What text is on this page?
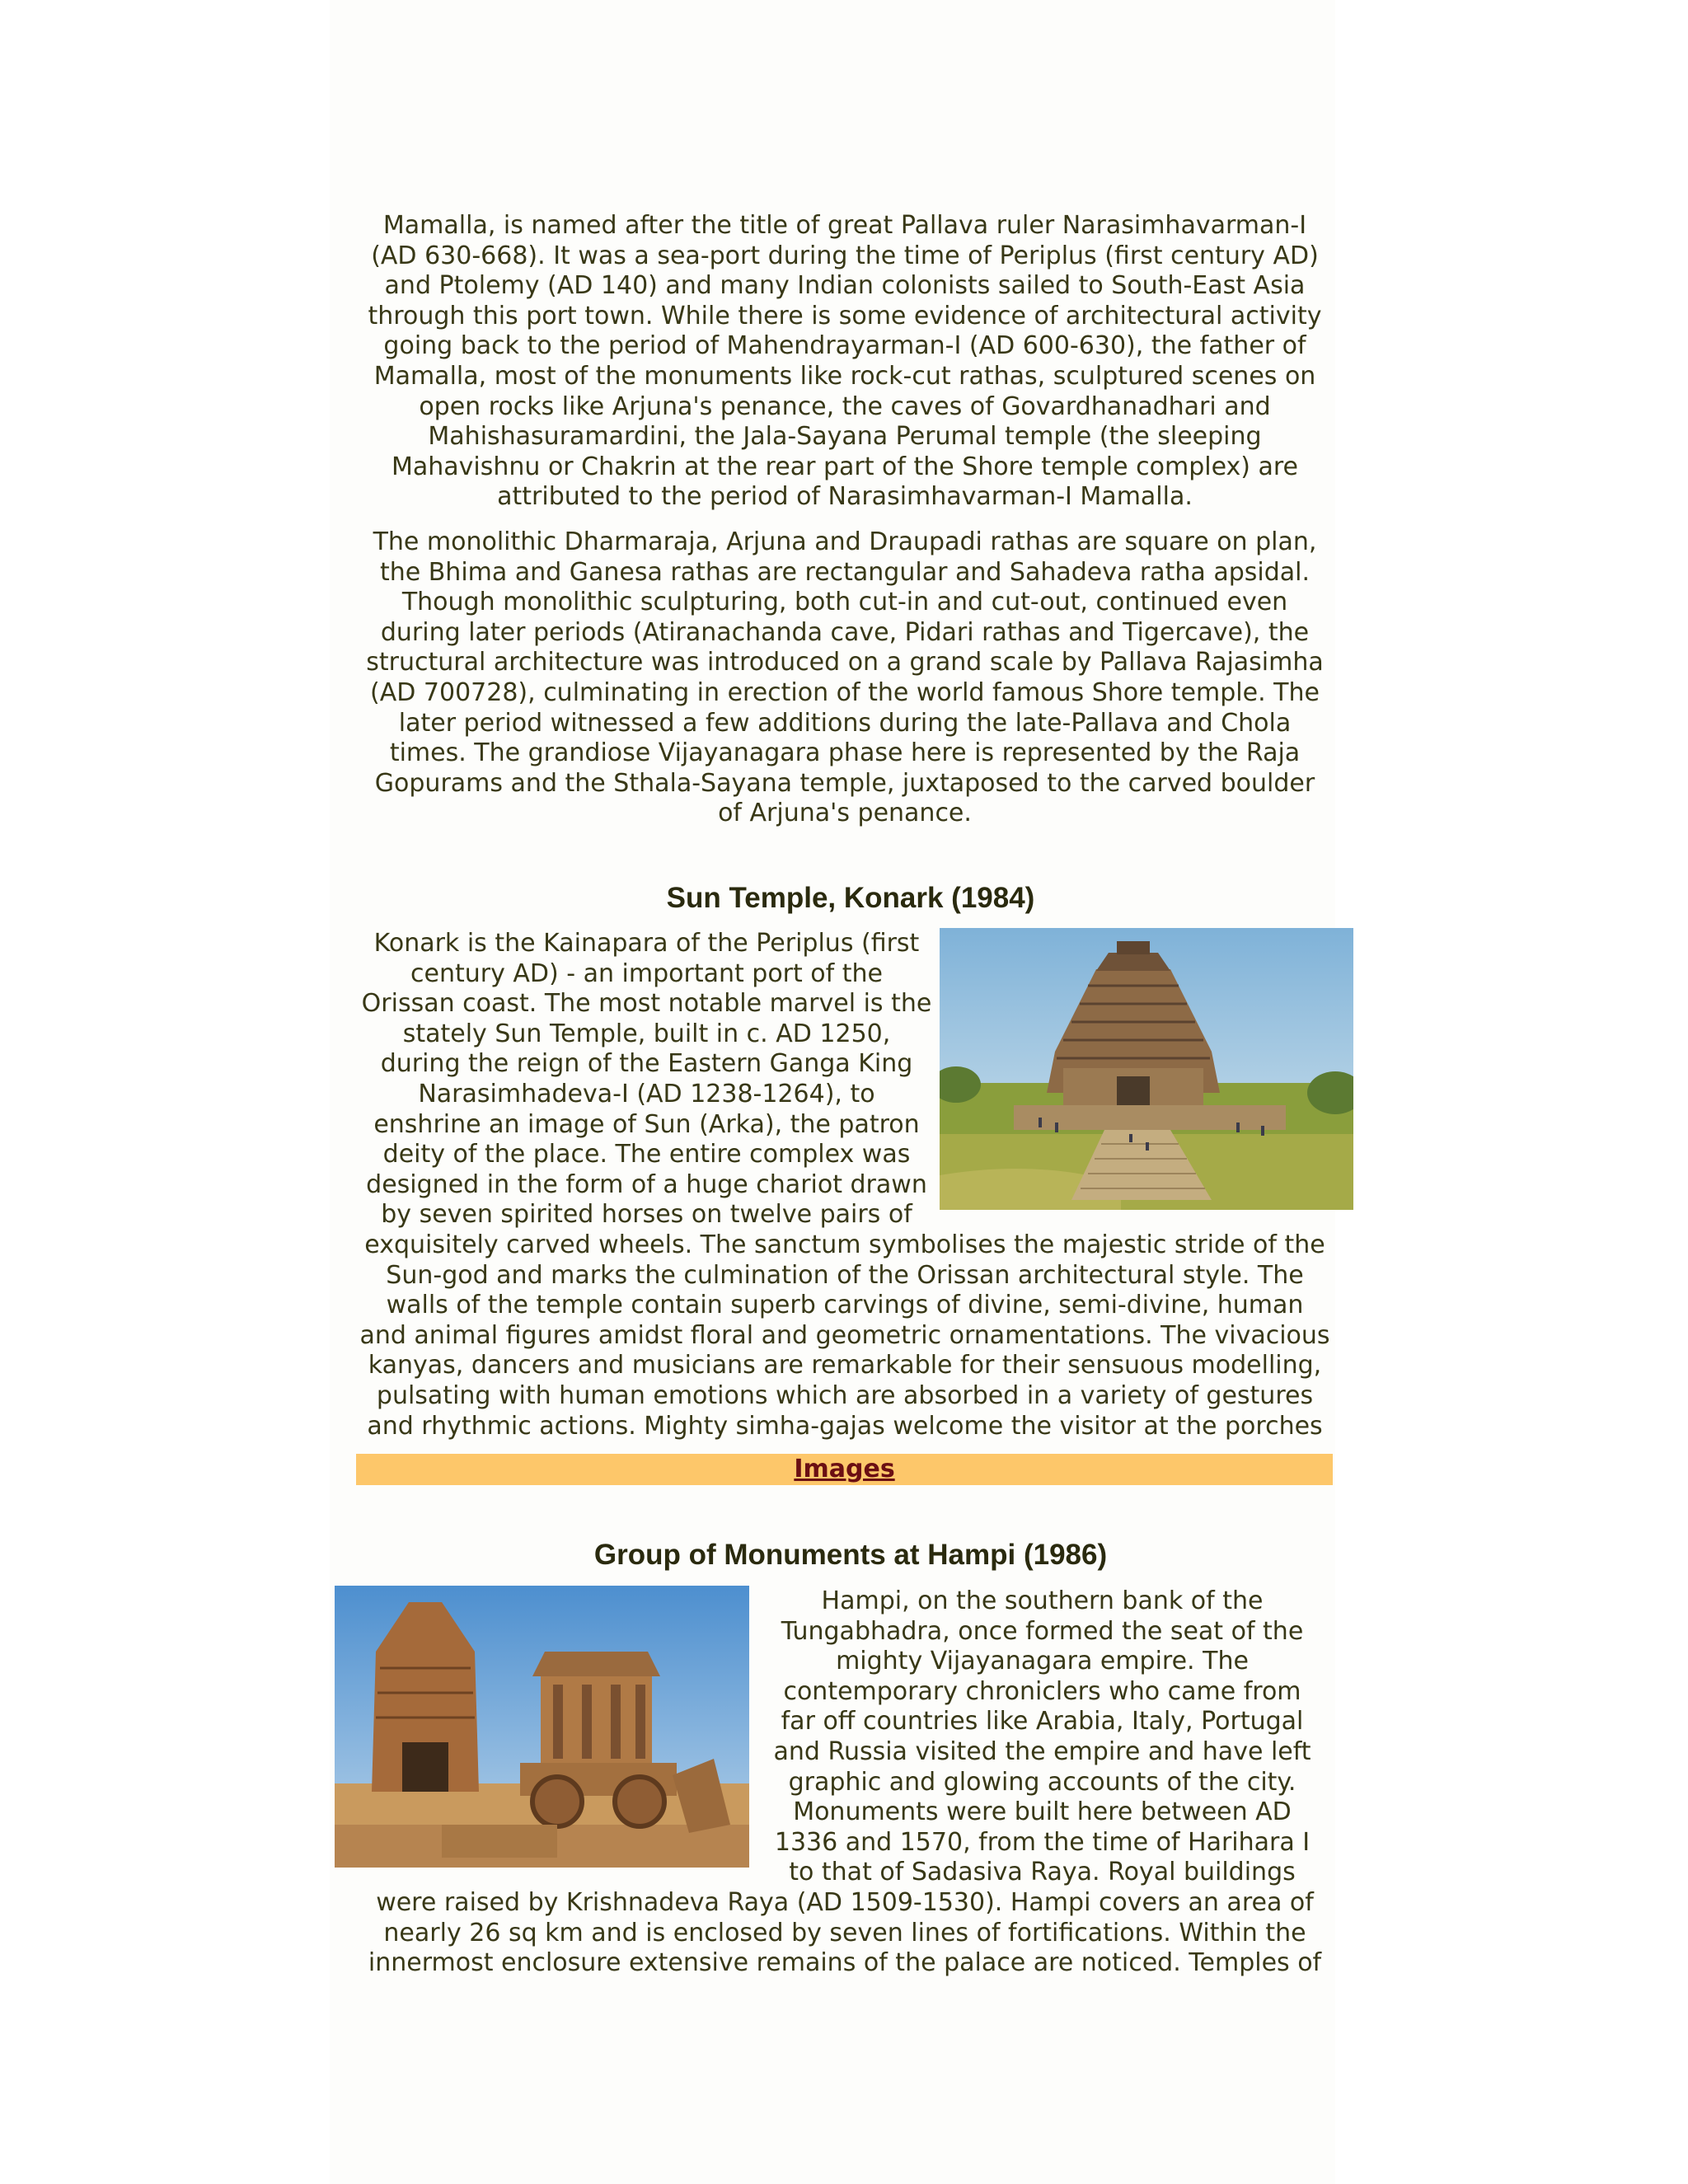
Mamalla, is named after the title of great Pallava ruler Narasimhavarman-I
(AD 630-668). It was a sea-port during the time of Periplus (first century AD)
and Ptolemy (AD 140) and many Indian colonists sailed to South-East Asia
through this port town. While there is some evidence of architectural activity
going back to the period of Mahendrayarman-I (AD 600-630), the father of
Mamalla, most of the monuments like rock-cut rathas, sculptured scenes on
open rocks like Arjuna's penance, the caves of Govardhanadhari and
Mahishasuramardini, the Jala-Sayana Perumal temple (the sleeping
Mahavishnu or Chakrin at the rear part of the Shore temple complex) are
attributed to the period of Narasimhavarman-I Mamalla.

The monolithic Dharmaraja, Arjuna and Draupadi rathas are square on plan,
the Bhima and Ganesa rathas are rectangular and Sahadeva ratha apsidal.
Though monolithic sculpturing, both cut-in and cut-out, continued even
during later periods (Atiranachanda cave, Pidari rathas and Tigercave), the
structural architecture was introduced on a grand scale by Pallava Rajasimha
(AD 700728), culminating in erection of the world famous Shore temple. The
later period witnessed a few additions during the late-Pallava and Chola
times. The grandiose Vijayanagara phase here is represented by the Raja
Gopurams and the Sthala-Sayana temple, juxtaposed to the carved boulder
of Arjuna's penance.

Sun Temple, Konark (1984)

Konark is the Kainapara of the Periplus (first
century AD) - an important port of the
Orissan coast. The most notable marvel is the
stately Sun Temple, built in c. AD 1250,
during the reign of the Eastern Ganga King
Narasimhadeva-I (AD 1238-1264), to
enshrine an image of Sun (Arka), the patron
deity of the place. The entire complex was
designed in the form of a huge chariot drawn
by seven spirited horses on twelve pairs of

exquisitely carved wheels. The sanctum symbolises the majestic stride of the
Sun-god and marks the culmination of the Orissan architectural style. The
walls of the temple contain superb carvings of divine, semi-divine, human
and animal figures amidst floral and geometric ornamentations. The vivacious
kanyas, dancers and musicians are remarkable for their sensuous modelling,
pulsating with human emotions which are absorbed in a variety of gestures
and rhythmic actions. Mighty simha-gajas welcome the visitor at the porches

Images
Group of Monuments at Hampi (1986)

Hampi, on the southern bank of the
Tungabhadra, once formed the seat of the
mighty Vijayanagara empire. The
contemporary chroniclers who came from
far off countries like Arabia, Italy, Portugal
and Russia visited the empire and have left
graphic and glowing accounts of the city.
Monuments were built here between AD
1336 and 1570, from the time of Harihara I
to that of Sadasiva Raya. Royal buildings

were raised by Krishnadeva Raya (AD 1509-1530). Hampi covers an area of
nearly 26 sq km and is enclosed by seven lines of fortifications. Within the
innermost enclosure extensive remains of the palace are noticed. Temples of
